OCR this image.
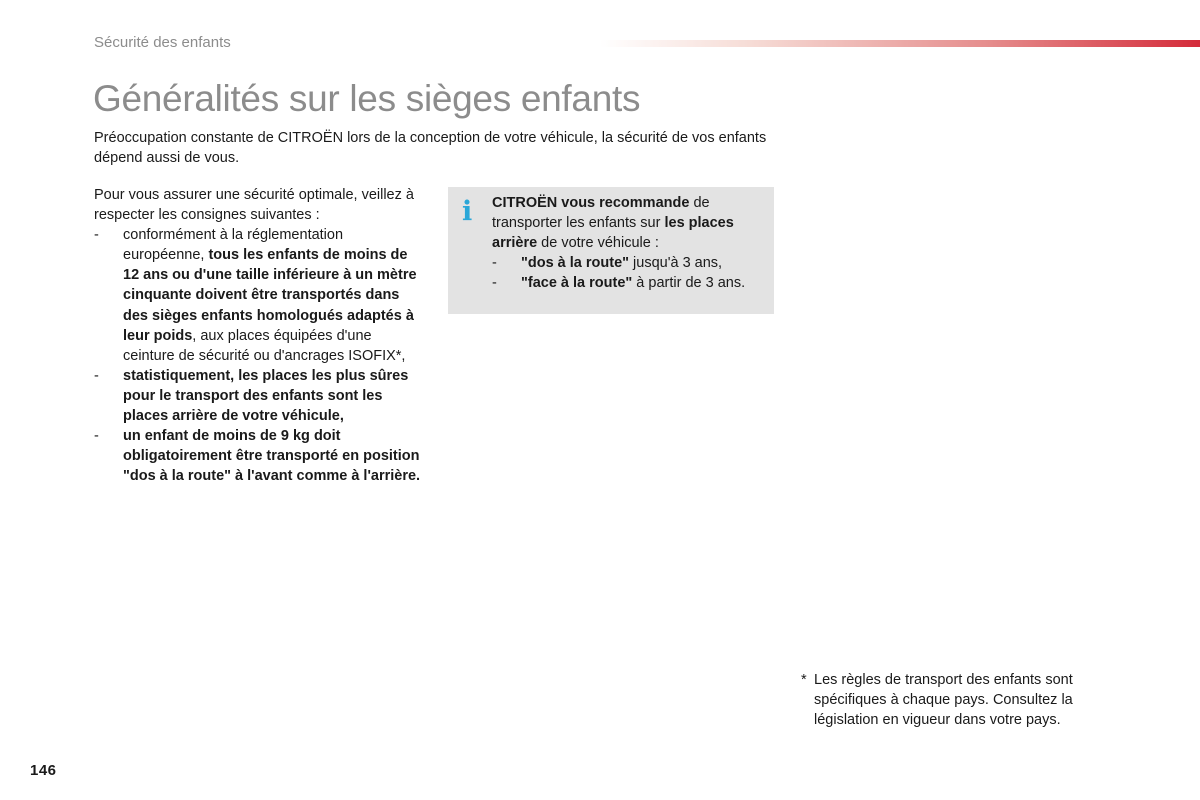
Sécurité des enfants
Généralités sur les sièges enfants

Préoccupation constante de CITROËN lors de la conception de votre véhicule, la sécurité de vos enfants dépend aussi de vous.

Pour vous assurer une sécurité optimale, veillez à respecter les consignes suivantes :

- conformément à la réglementation européenne, tous les enfants de moins de 12 ans ou d'une taille inférieure à un mètre cinquante doivent être transportés dans des sièges enfants homologués adaptés à leur poids, aux places équipées d'une ceinture de sécurité ou d'ancrages ISOFIX*,
- statistiquement, les places les plus sûres pour le transport des enfants sont les places arrière de votre véhicule,
- un enfant de moins de 9 kg doit obligatoirement être transporté en position "dos à la route" à l'avant comme à l'arrière.
i CITROËN vous recommande de transporter les enfants sur les places arrière de votre véhicule :

- "dos à la route" jusqu'à 3 ans,
- "face à la route" à partir de 3 ans.
* Les règles de transport des enfants sont spécifiques à chaque pays. Consultez la législation en vigueur dans votre pays.
146
